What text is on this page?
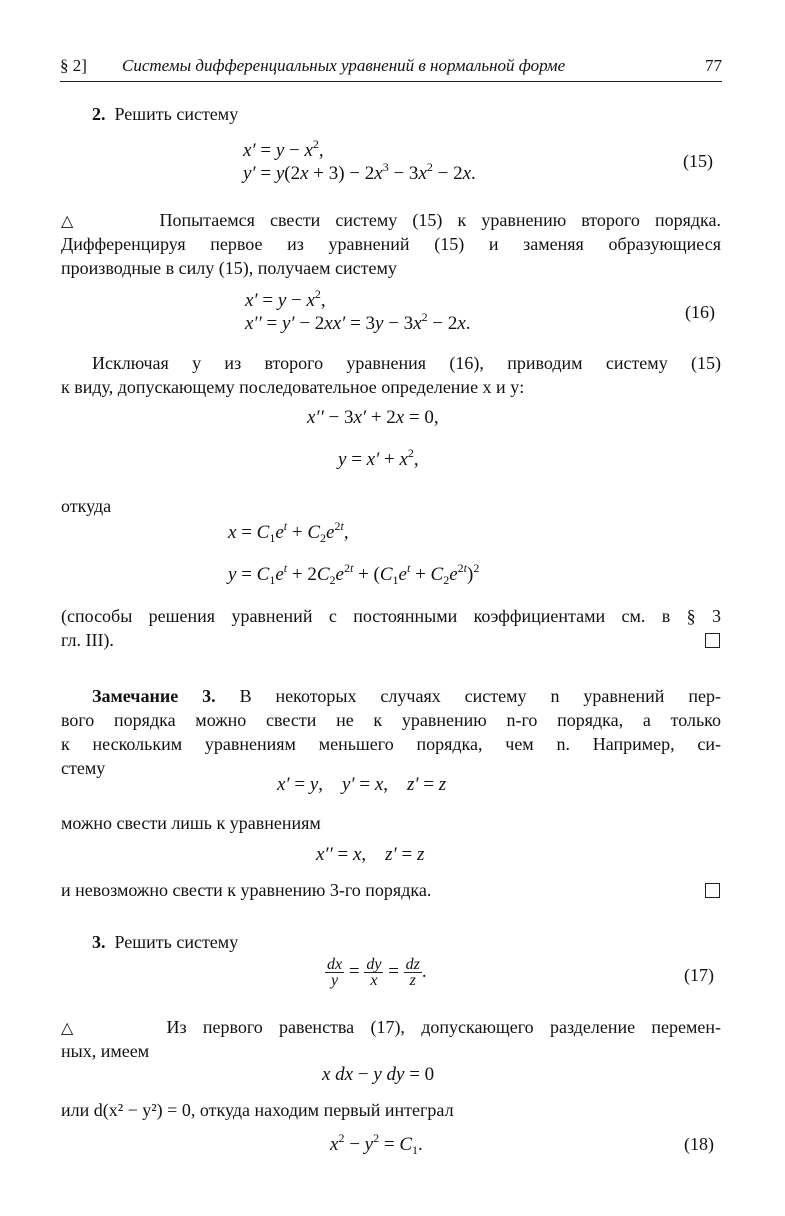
§ 2] Системы дифференциальных уравнений в нормальной форме	77
2. Решить систему
$x' = y - x^2$,
$y' = y(2x + 3) - 2x^3 - 3x^2 - 2x$.
(15)
△	Попытаемся свести систему (15) к уравнению второго порядка.
Дифференцируя первое из уравнений (15) и заменяя образующиеся
производные в силу (15), получаем систему
$x' = y - x^2$,
$x'' = y' - 2xx' = 3y - 3x^2 - 2x$.
(16)
Исключая y из второго уравнения (16), приводим систему (15)
к виду, допускающему последовательное определение x и y:
x′′ − 3x′ + 2x = 0,
$y = x' + x^2$,
откуда
$x = C_1e^t + C_2e^{2t}$,
$y = C_1e^t + 2C_2e^{2t} + (C_1e^t + C_2e^{2t})^2$
(способы решения уравнений с постоянными коэффициентами см. в § 3
гл. III).
Замечание 3. В некоторых случаях систему n уравнений пер-
вого порядка можно свести не к уравнению n-го порядка, а только
к нескольким уравнениям меньшего порядка, чем n. Например, си-
стему
x′ = y,    y′ = x,    z′ = z
можно свести лишь к уравнениям
x′′ = x,    z′ = z
и невозможно свести к уравнению 3-го порядка.
3. Решить систему
$\frac{dx}{y} = \frac{dy}{x} = \frac{dz}{z}$ .	(17)
△	Из первого равенства (17), допускающего разделение перемен-
ных, имеем
x dx − y dy = 0
или d(x² − y²) = 0, откуда находим первый интеграл
$x^2 - y^2 = C_1$.	(18)
